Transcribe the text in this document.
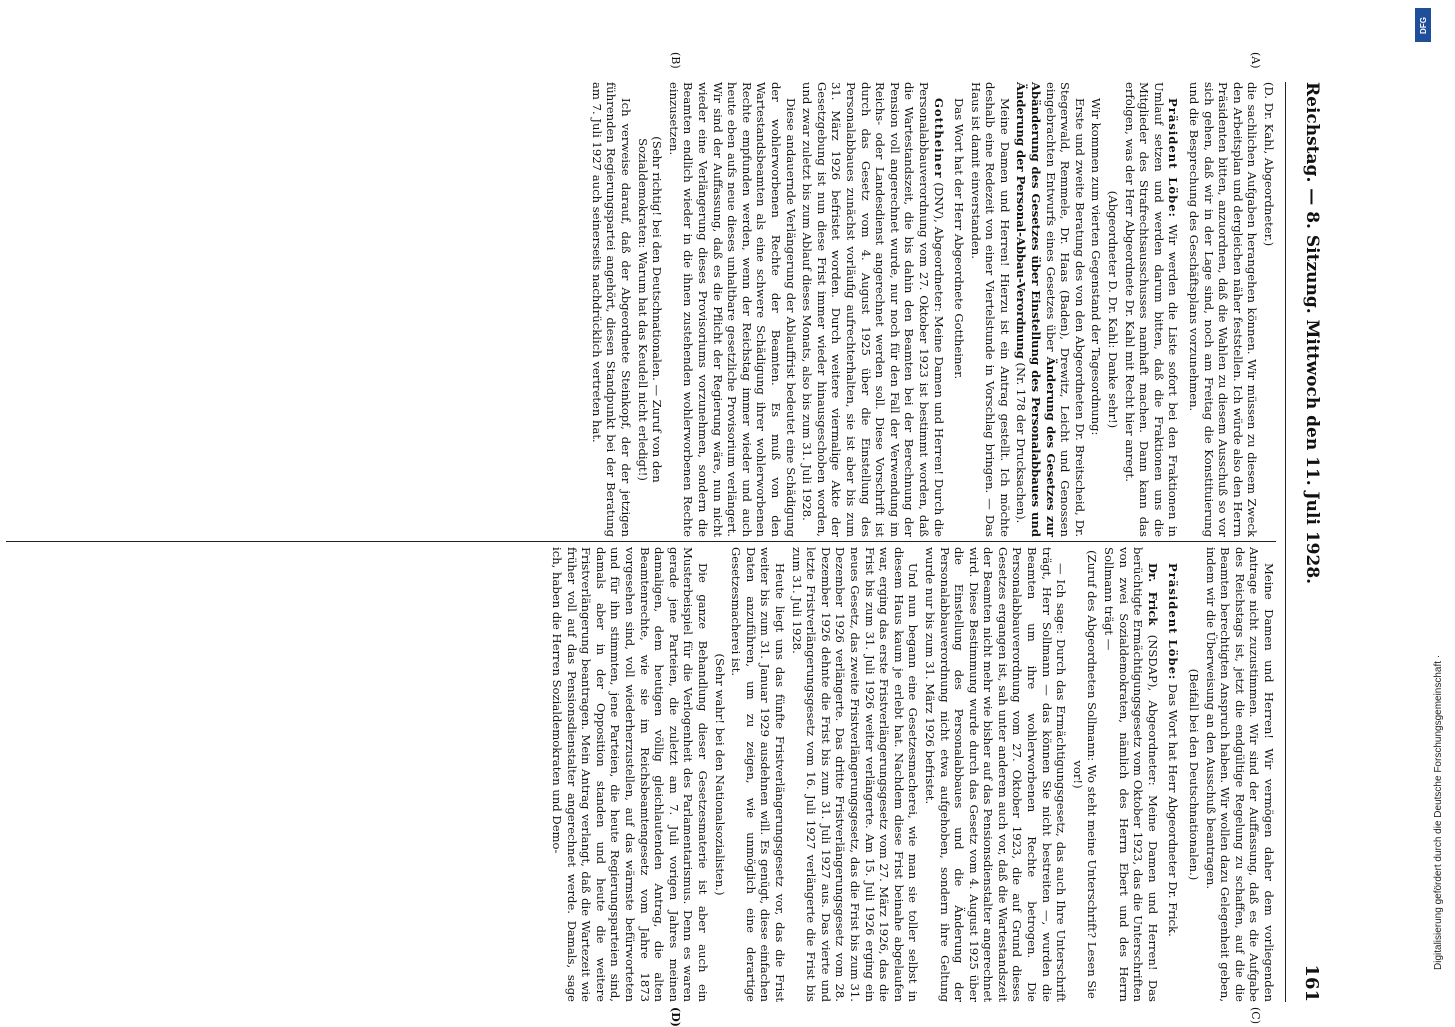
Reichstag. — 8. Sitzung. Mittwoch den 11. Juli 1928.
161

(D. Dr. Kahl, Abgeordneter.)

die sachlichen Aufgaben herangehen können. Wir müssen zu diesem Zweck den Arbeitsplan und dergleichen näher feststellen. Ich würde also den Herrn Präsidenten bitten, anzuordnen, daß die Wahlen zu diesem Ausschuß so vor sich gehen, daß wir in der Lage sind, noch am Freitag die Konstituierung und die Besprechung des Geschäftsplans vorzunehmen.

Präsident Löbe: Wir werden die Liste sofort bei den Fraktionen in Umlauf setzen und werden darum bitten, daß die Fraktionen uns die Mitglieder des Strafrechtsausschusses namhaft machen. Dann kann das erfolgen, was der Herr Abgeordnete Dr. Kahl mit Recht hier anregt.

(Abgeordneter D. Dr. Kahl: Danke sehr!)

Wir kommen zum vierten Gegenstand der Tagesordnung:

Erste und zweite Beratung des von den Abgeordneten Dr. Breitscheid, Dr. Stegerwald, Remmele, Dr. Haas (Baden), Drewitz, Leicht und Genossen eingebrachten Entwurfs eines Gesetzes über Änderung des Gesetzes zur Abänderung des Gesetzes über Einstellung des Personalabbaues und Änderung der Personal-Abbau-Verordnung (Nr. 178 der Drucksachen).

Meine Damen und Herren! Hierzu ist ein Antrag gestellt. Ich möchte deshalb eine Redezeit von einer Viertelstunde in Vorschlag bringen. — Das Haus ist damit einverstanden.

Das Wort hat der Herr Abgeordnete Gottheiner.

Gottheiner (DNV), Abgeordneter: Meine Damen und Herren! Durch die Personalabbauverordnung vom 27. Oktober 1923 ist bestimmt worden, daß die Wartestandszeit, die bis dahin den Beamten bei der Berechnung der Pension voll angerechnet wurde, nur noch für den Fall der Verwendung im Reichs- oder Landesdienst angerechnet werden soll. Diese Vorschrift ist durch das Gesetz vom 4. August 1925 über die Einstellung des Personalabbaues zunächst vorläufig aufrechterhalten, sie ist aber bis zum 31. März 1926 befristet worden. Durch weitere viermalige Akte der Gesetzgebung ist nun diese Frist immer wieder hinausgeschoben worden, und zwar zuletzt bis zum Ablauf dieses Monats, also bis zum 31. Juli 1928.

Diese andauernde Verlängerung der Ablauffrist bedeutet eine Schädigung der wohlerworbenen Rechte der Beamten. Es muß von den Wartestandsbeamten als eine schwere Schädigung ihrer wohlerworbenen Rechte empfunden werden, wenn der Reichstag immer wieder und auch heute eben aufs neue dieses unhaltbare gesetzliche Provisorium verlängert. Wir sind der Auffassung, daß es die Pflicht der Regierung wäre, nun nicht wieder eine Verlängerung dieses Provisoriums vorzunehmen, sondern die Beamten endlich wieder in die ihnen zustehenden wohlerworbenen Rechte einzusetzen.

(Sehr richtig! bei den Deutschnationalen. — Zuruf von den Sozialdemokraten: Warum hat das Keudell nicht erledigt!)

Ich verweise darauf, daß der Abgeordnete Steinkopf, der der jetzigen führenden Regierungspartei angehört, diesen Standpunkt bei der Beratung am 7. Juli 1927 auch seinerseits nachdrücklich vertreten hat.

Meine Damen und Herren! Wir vermögen daher dem vorliegenden Antrage nicht zuzustimmen. Wir sind der Auffassung, daß es die Aufgabe des Reichstags ist, jetzt die endgültige Regelung zu schaffen, auf die die Beamten berechtigten Anspruch haben. Wir wollen dazu Gelegenheit geben, indem wir die Überweisung an den Ausschuß beantragen.

(Beifall bei den Deutschnationalen.)

Präsident Löbe: Das Wort hat Herr Abgeordneter Dr. Frick.

Dr. Frick (NSDAP), Abgeordneter: Meine Damen und Herren! Das berüchtigte Ermächtigungsgesetz vom Oktober 1923, das die Unterschriften von zwei Sozialdemokraten, nämlich des Herrn Ebert und des Herrn Sollmann trägt —

(Zuruf des Abgeordneten Sollmann: Wo steht meine Unterschrift? Lesen Sie vor!)

— Ich sage: Durch das Ermächtigungsgesetz, das auch Ihre Unterschrift trägt, Herr Sollmann — das können Sie nicht bestreiten —, wurden die Beamten um ihre wohlerworbenen Rechte betrogen. Die Personalabbauverordnung vom 27. Oktober 1923, die auf Grund dieses Gesetzes ergangen ist, sah unter anderem auch vor, daß die Wartestandszeit der Beamten nicht mehr wie bisher auf das Pensionsdienstalter angerechnet wird. Diese Bestimmung wurde durch das Gesetz vom 4. August 1925 über die Einstellung des Personalabbaues und die Änderung der Personalabbauverordnung nicht etwa aufgehoben, sondern ihre Geltung wurde nur bis zum 31. März 1926 befristet.

Und nun begann eine Gesetzesmacherei, wie man sie toller selbst in diesem Haus kaum je erlebt hat. Nachdem diese Frist beinahe abgelaufen war, erging das erste Fristverlängerungsgesetz vom 27. März 1926, das die Frist bis zum 31. Juli 1926 weiter verlängerte. Am 15. Juli 1926 erging ein neues Gesetz, das zweite Fristverlängerungsgesetz, das die Frist bis zum 31. Dezember 1926 verlängerte. Das dritte Fristverlängerungsgesetz vom 28. Dezember 1926 dehnte die Frist bis zum 31. Juli 1927 aus. Das vierte und letzte Fristverlängerungsgesetz vom 16. Juli 1927 verlängerte die Frist bis zum 31. Juli 1928.

Heute liegt uns das fünfte Fristverlängerungsgesetz vor, das die Frist weiter bis zum 31. Januar 1929 ausdehnen will. Es genügt, diese einfachen Daten anzuführen, um zu zeigen, wie unmöglich eine derartige Gesetzesmacherei ist.

(Sehr wahr! bei den Nationalsozialisten.)

Die ganze Behandlung dieser Gesetzesmaterie ist aber auch ein Musterbeispiel für die Verlogenheit des Parlamentarismus. Denn es waren gerade jene Parteien, die zuletzt am 7. Juli vorigen Jahres meinen damaligen, dem heutigen völlig gleichlautenden Antrag, die alten Beamtenrechte, wie sie im Reichsbeamtengesetz vom Jahre 1873 vorgesehen sind, voll wiederherzustellen, auf das wärmste befürworteten und für ihn stimmten, jene Parteien, die heute Regierungsparteien sind, damals aber in der Opposition standen und heute die weitere Fristverlängerung beantragen. Mein Antrag verlangt, daß die Wartezeit wie früher voll auf das Pensionsdienstalter angerechnet werde. Damals, sage ich, haben die Herren Sozialdemokraten und Demo-

(A)
(B)
(C)
(D)
Digitalisierung gefördert durch die Deutsche Forschungsgemeinschaft ·
DFG
